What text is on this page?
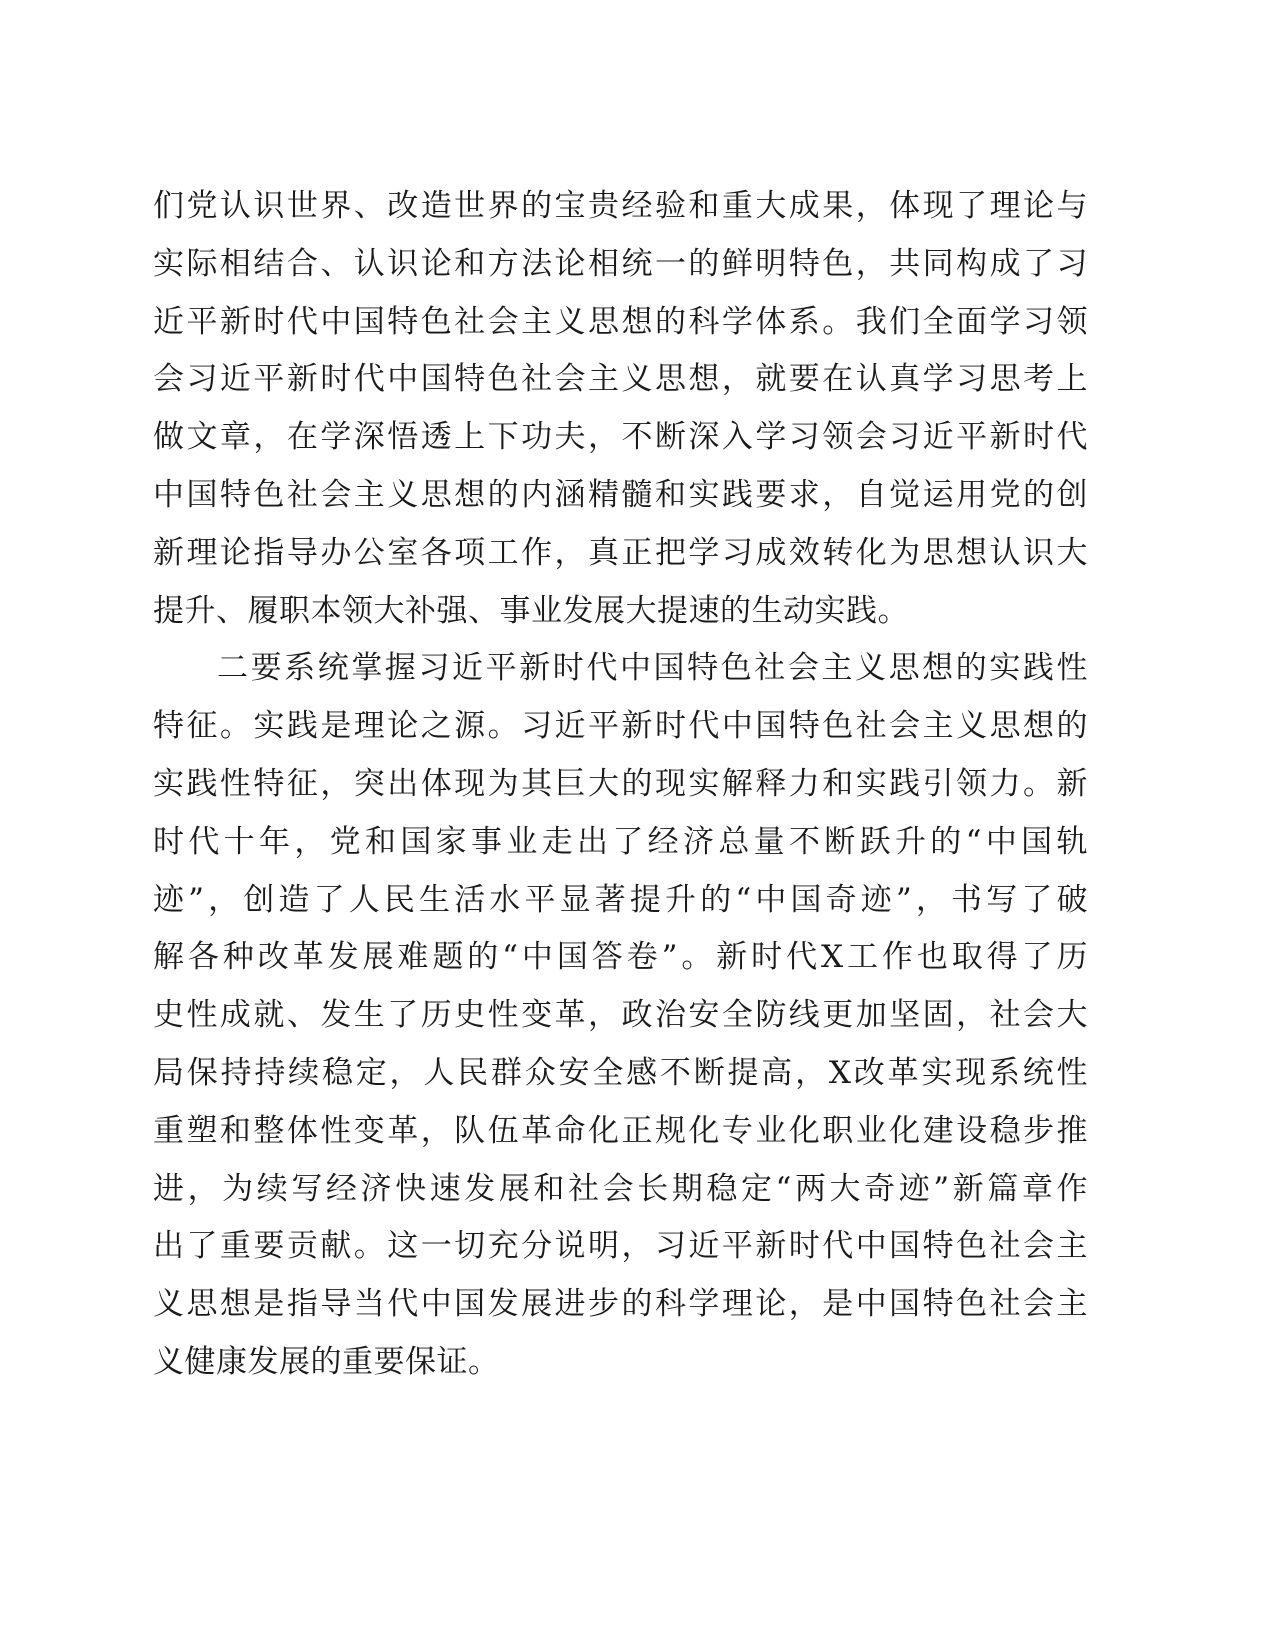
们党认识世界、改造世界的宝贵经验和重大成果，体现了理论与
实际相结合、认识论和方法论相统一的鲜明特色，共同构成了习
近平新时代中国特色社会主义思想的科学体系。我们全面学习领
会习近平新时代中国特色社会主义思想，就要在认真学习思考上
做文章，在学深悟透上下功夫，不断深入学习领会习近平新时代
中国特色社会主义思想的内涵精髓和实践要求，自觉运用党的创
新理论指导办公室各项工作，真正把学习成效转化为思想认识大
提升、履职本领大补强、事业发展大提速的生动实践。
二要系统掌握习近平新时代中国特色社会主义思想的实践性
特征。实践是理论之源。习近平新时代中国特色社会主义思想的
实践性特征，突出体现为其巨大的现实解释力和实践引领力。新
时代十年，党和国家事业走出了经济总量不断跃升的“中国轨
迹”，创造了人民生活水平显著提升的“中国奇迹”，书写了破
解各种改革发展难题的“中国答卷”。新时代X工作也取得了历
史性成就、发生了历史性变革，政治安全防线更加坚固，社会大
局保持持续稳定，人民群众安全感不断提高，X改革实现系统性
重塑和整体性变革，队伍革命化正规化专业化职业化建设稳步推
进，为续写经济快速发展和社会长期稳定“两大奇迹”新篇章作
出了重要贡献。这一切充分说明，习近平新时代中国特色社会主
义思想是指导当代中国发展进步的科学理论，是中国特色社会主
义健康发展的重要保证。
